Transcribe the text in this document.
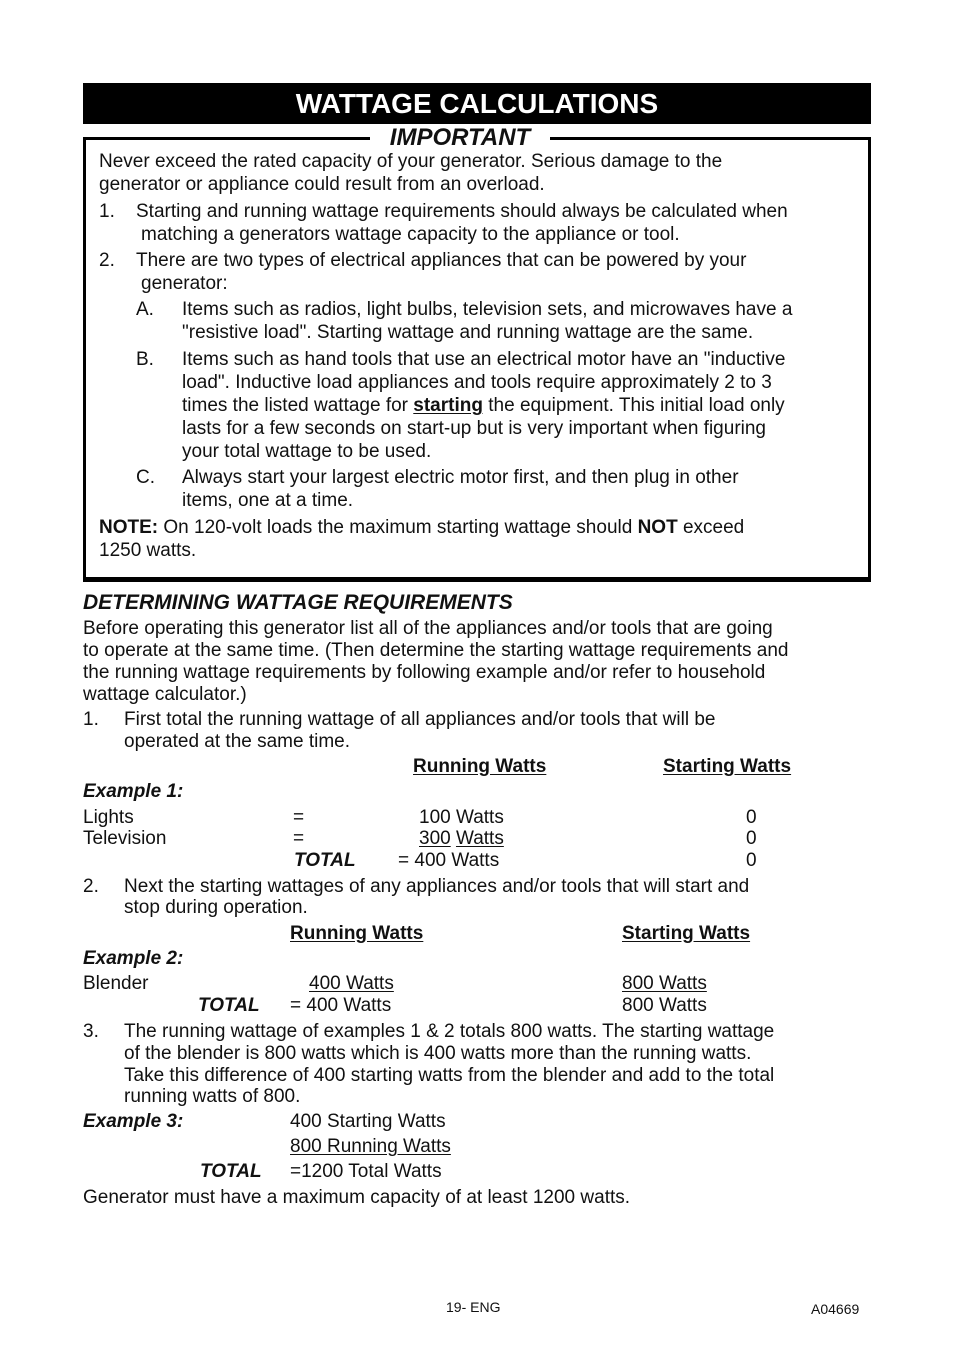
WATTAGE CALCULATIONS
IMPORTANT
Never exceed the rated capacity of your generator. Serious damage to the
generator or appliance could result from an overload.
1. Starting and running wattage requirements should always be calculated when
matching a generators wattage capacity to the appliance or tool.
2. There are two types of electrical appliances that can be powered by your
generator:
A. Items such as radios, light bulbs, television sets, and microwaves have a
"resistive load". Starting wattage and running wattage are the same.
B. Items such as hand tools that use an electrical motor have an "inductive
load". Inductive load appliances and tools require approximately 2 to 3
times the listed wattage for starting the equipment. This initial load only
lasts for a few seconds on start-up but is very important when figuring
your total wattage to be used.
C. Always start your largest electric motor first, and then plug in other
items, one at a time.
NOTE: On 120-volt loads the maximum starting wattage should NOT exceed
1250 watts.
DETERMINING WATTAGE REQUIREMENTS
Before operating this generator list all of the appliances and/or tools that are going
to operate at the same time. (Then determine the starting wattage requirements and
the running wattage requirements by following example and/or refer to household
wattage calculator.)
1. First total the running wattage of all appliances and/or tools that will be
operated at the same time.
Running Watts	Starting Watts
Example 1:
Lights	=	100 Watts	0
Television	=	300 Watts	0
TOTAL = 400 Watts	0
2. Next the starting wattages of any appliances and/or tools that will start and
stop during operation.
Running Watts	Starting Watts
Example 2:
Blender	400 Watts	800 Watts
TOTAL = 400 Watts	800 Watts
3. The running wattage of examples 1 & 2 totals 800 watts. The starting wattage
of the blender is 800 watts which is 400 watts more than the running watts.
Take this difference of 400 starting watts from the blender and add to the total
running watts of 800.
Example 3:	400 Starting Watts
800 Running Watts
TOTAL =1200 Total Watts
Generator must have a maximum capacity of at least 1200 watts.
19- ENG	A04669
